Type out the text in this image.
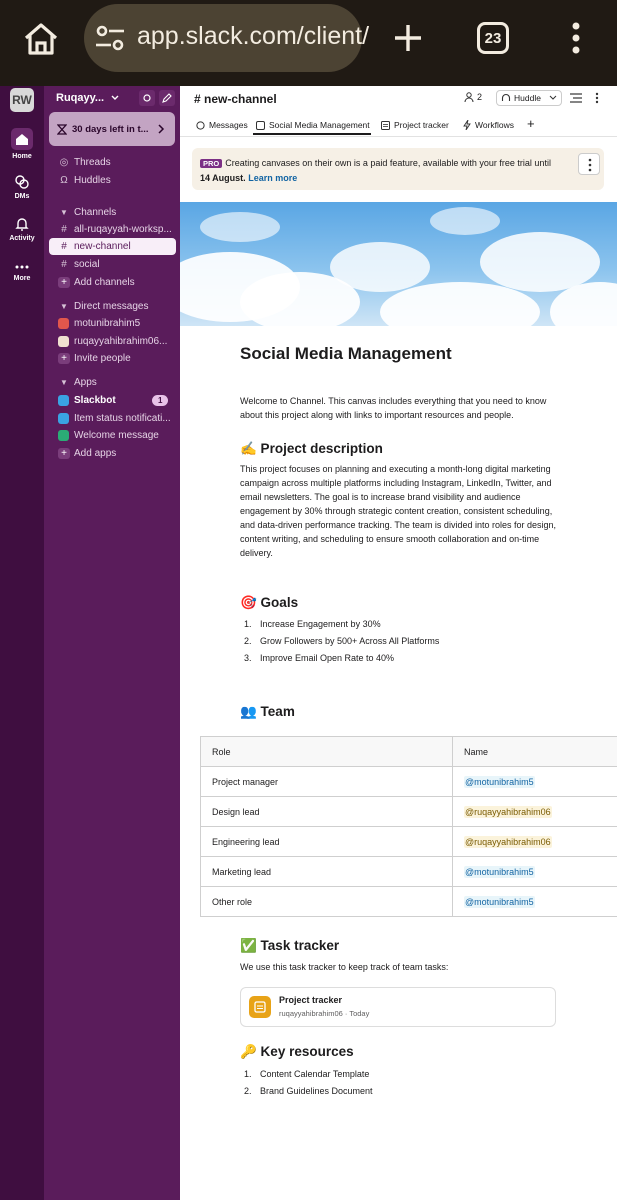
app.slack.com/client/	23
RW
Home
DMs
Activity
More
Ruqayy...
30 days left in t...
◎ Threads
Ω Huddles
▼ Channels
# all-ruqayyah-worksp...
# new-channel
# social
+ Add channels
▼ Direct messages
motunibrahim5
ruqayyahibrahim06...
+ Invite people
▼ Apps
Slackbot	1
Item status notificati...
Welcome message
+ Add apps
# new-channel	2	Huddle
Messages	Social Media Management	Project tracker	Workflows +
PRO Creating canvases on their own is a paid feature, available with your free trial until 14 August. Learn more
Social Media Management
Welcome to Channel. This canvas includes everything that you need to know about this project along with links to important resources and people.
✍️ Project description
This project focuses on planning and executing a month-long digital marketing campaign across multiple platforms including Instagram, LinkedIn, Twitter, and email newsletters. The goal is to increase brand visibility and audience engagement by 30% through strategic content creation, consistent scheduling, and data-driven performance tracking. The team is divided into roles for design, content writing, and scheduling to ensure smooth collaboration and on-time delivery.
🎯 Goals
1. Increase Engagement by 30%
2. Grow Followers by 500+ Across All Platforms
3. Improve Email Open Rate to 40%
👥 Team
Role	Name
Project manager	@motunibrahim5
Design lead	@ruqayyahibrahim06
Engineering lead	@ruqayyahibrahim06
Marketing lead	@motunibrahim5
Other role	@motunibrahim5
✅ Task tracker
We use this task tracker to keep track of team tasks:
Project tracker
ruqayyahibrahim06 · Today
🔑 Key resources
1. Content Calendar Template
2. Brand Guidelines Document
